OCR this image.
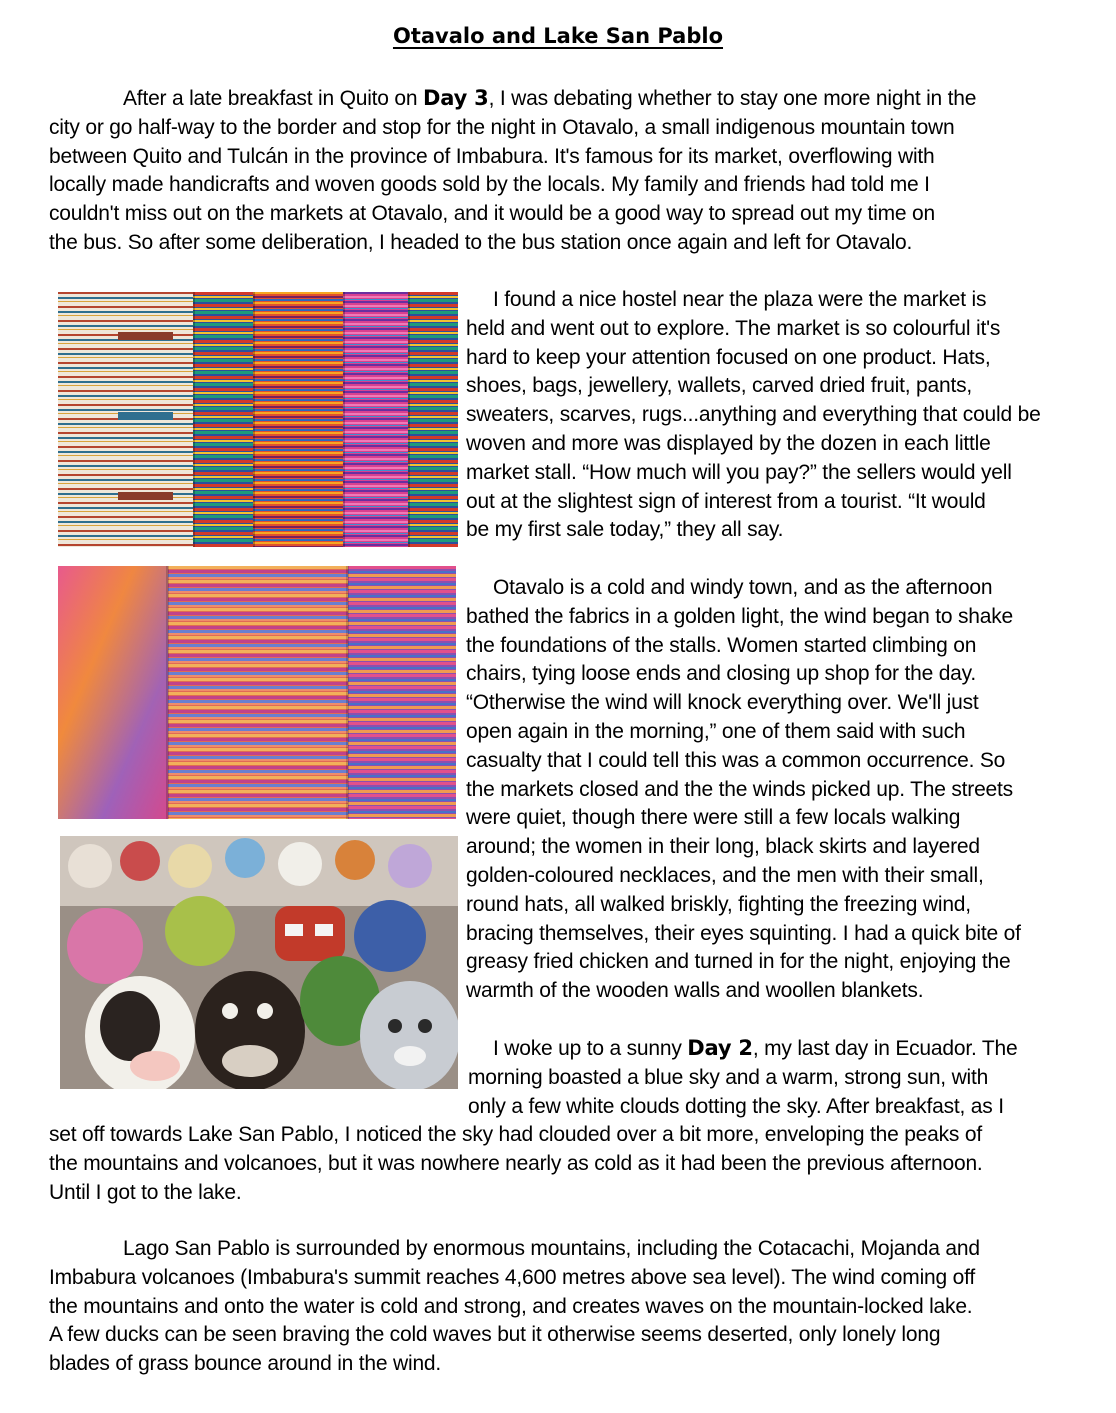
Otavalo and Lake San Pablo
After a late breakfast in Quito on Day 3, I was debating whether to stay one more night in the
city or go half-way to the border and stop for the night in Otavalo, a small indigenous mountain town
between Quito and Tulcán in the province of Imbabura. It's famous for its market, overflowing with
locally made handicrafts and woven goods sold by the locals. My family and friends had told me I
couldn't miss out on the markets at Otavalo, and it would be a good way to spread out my time on
the bus. So after some deliberation, I headed to the bus station once again and left for Otavalo.
I found a nice hostel near the plaza were the market is
held and went out to explore. The market is so colourful it's
hard to keep your attention focused on one product. Hats,
shoes, bags, jewellery, wallets, carved dried fruit, pants,
sweaters, scarves, rugs...anything and everything that could be
woven and more was displayed by the dozen in each little
market stall. “How much will you pay?” the sellers would yell
out at the slightest sign of interest from a tourist. “It would
be my first sale today,” they all say.
Otavalo is a cold and windy town, and as the afternoon
bathed the fabrics in a golden light, the wind began to shake
the foundations of the stalls. Women started climbing on
chairs, tying loose ends and closing up shop for the day.
“Otherwise the wind will knock everything over. We'll just
open again in the morning,” one of them said with such
casualty that I could tell this was a common occurrence. So
the markets closed and the the winds picked up. The streets
were quiet, though there were still a few locals walking
around; the women in their long, black skirts and layered
golden-coloured necklaces, and the men with their small,
round hats, all walked briskly, fighting the freezing wind,
bracing themselves, their eyes squinting. I had a quick bite of
greasy fried chicken and turned in for the night, enjoying the
warmth of the wooden walls and woollen blankets.
I woke up to a sunny Day 2, my last day in Ecuador. The
morning boasted a blue sky and a warm, strong sun, with
only a few white clouds dotting the sky. After breakfast, as I
set off towards Lake San Pablo, I noticed the sky had clouded over a bit more, enveloping the peaks of
the mountains and volcanoes, but it was nowhere nearly as cold as it had been the previous afternoon.
Until I got to the lake.
Lago San Pablo is surrounded by enormous mountains, including the Cotacachi, Mojanda and
Imbabura volcanoes (Imbabura's summit reaches 4,600 metres above sea level). The wind coming off
the mountains and onto the water is cold and strong, and creates waves on the mountain-locked lake.
A few ducks can be seen braving the cold waves but it otherwise seems deserted, only lonely long
blades of grass bounce around in the wind.
